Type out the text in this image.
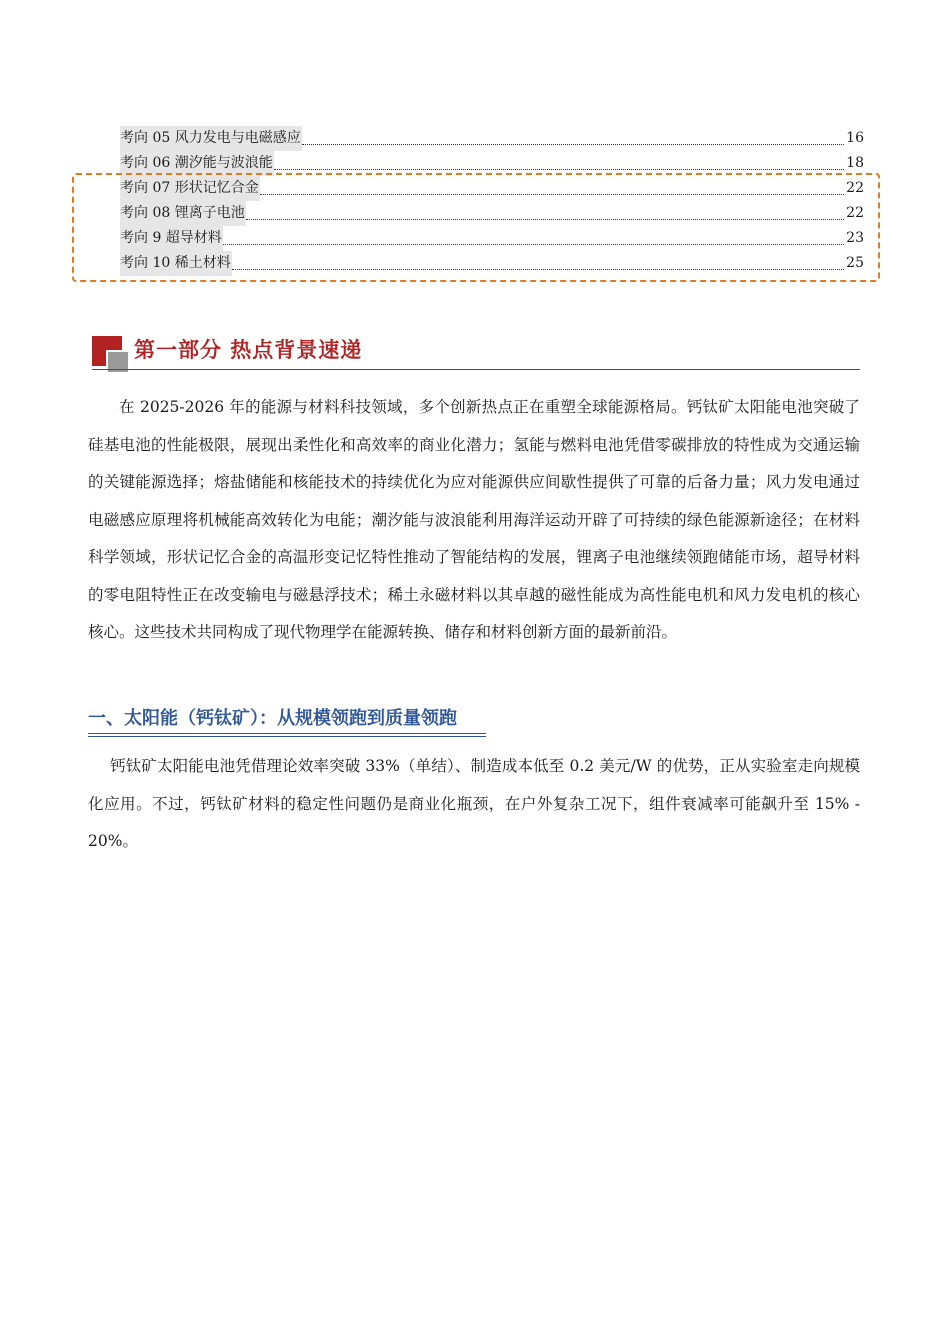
考向 05 风力发电与电磁感应	16
考向 06 潮汐能与波浪能	18
考向 07 形状记忆合金	22
考向 08 锂离子电池	22
考向 9 超导材料	23
考向 10 稀土材料	25
第一部分 热点背景速递

在 2025-2026 年的能源与材料科技领域，多个创新热点正在重塑全球能源格局。钙钛矿太阳能电池突破了硅基电池的性能极限，展现出柔性化和高效率的商业化潜力；氢能与燃料电池凭借零碳排放的特性成为交通运输的关键能源选择；熔盐储能和核能技术的持续优化为应对能源供应间歇性提供了可靠的后备力量；风力发电通过电磁感应原理将机械能高效转化为电能；潮汐能与波浪能利用海洋运动开辟了可持续的绿色能源新途径；在材料科学领域，形状记忆合金的高温形变记忆特性推动了智能结构的发展，锂离子电池继续领跑储能市场，超导材料的零电阻特性正在改变输电与磁悬浮技术；稀土永磁材料以其卓越的磁性能成为高性能电机和风力发电机的核心核心。这些技术共同构成了现代物理学在能源转换、储存和材料创新方面的最新前沿。

一、太阳能（钙钛矿）：从规模领跑到质量领跑

钙钛矿太阳能电池凭借理论效率突破 33%（单结）、制造成本低至 0.2 美元/W 的优势，正从实验室走向规模化应用。不过，钙钛矿材料的稳定性问题仍是商业化瓶颈，在户外复杂工况下，组件衰减率可能飙升至 15% - 20%。
